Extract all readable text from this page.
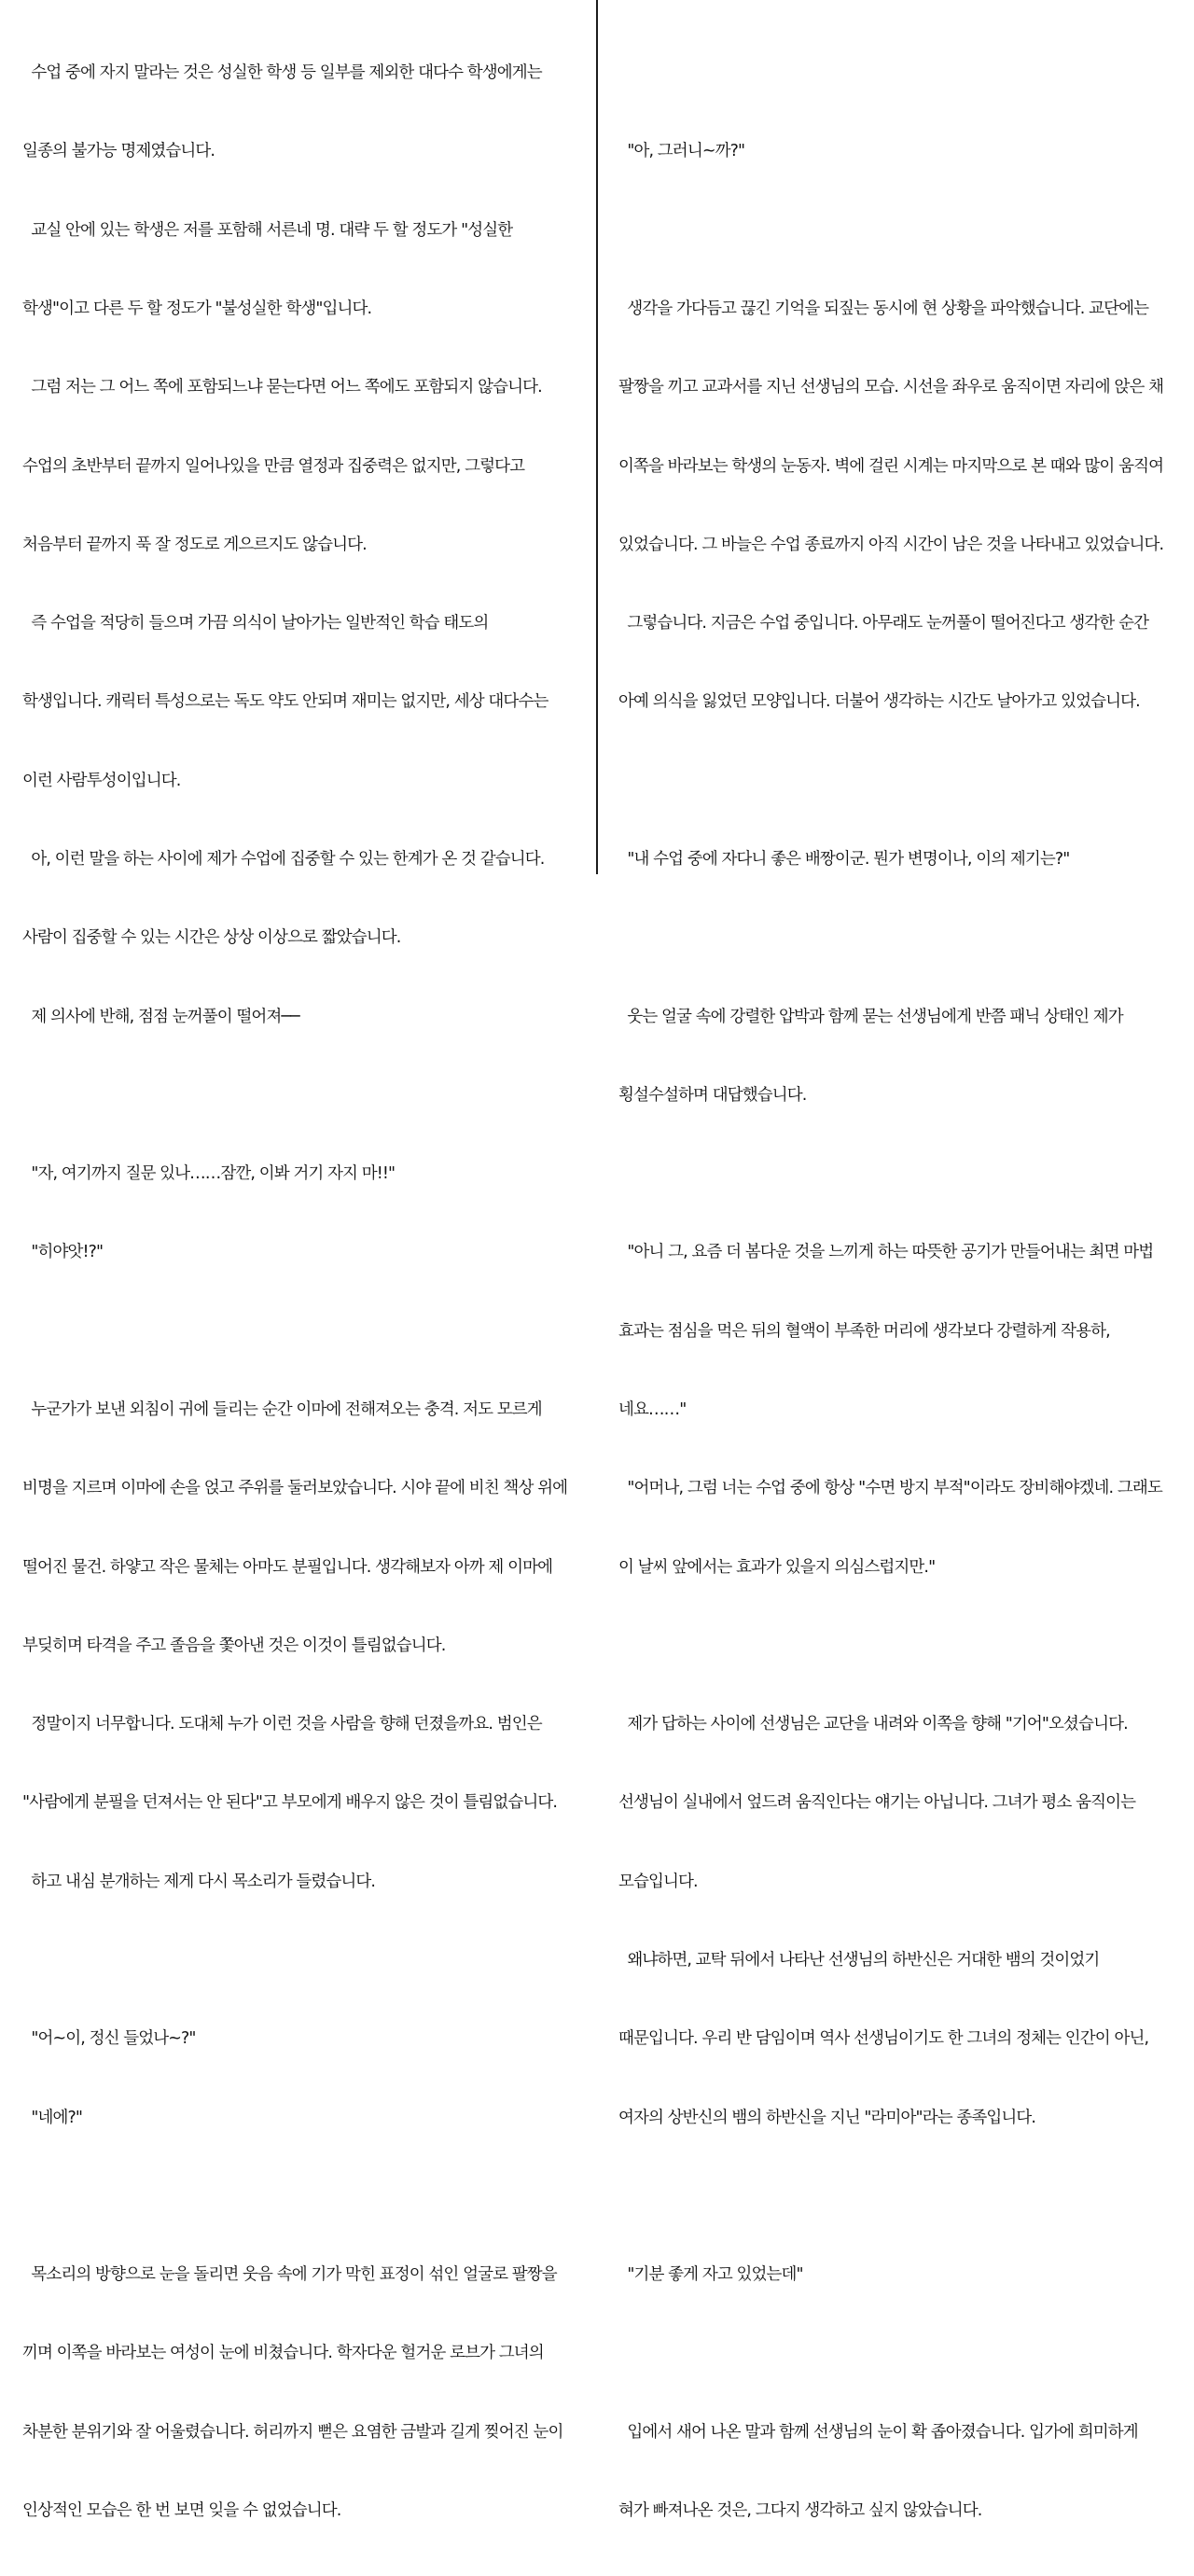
수업 중에 자지 말라는 것은 성실한 학생 등 일부를 제외한 대다수 학생에게는

일종의 불가능 명제였습니다.

교실 안에 있는 학생은 저를 포함해 서른네 명. 대략 두 할 정도가 "성실한

학생"이고 다른 두 할 정도가 "불성실한 학생"입니다.

그럼 저는 그 어느 쪽에 포함되느냐 묻는다면 어느 쪽에도 포함되지 않습니다.

수업의 초반부터 끝까지 일어나있을 만큼 열정과 집중력은 없지만, 그렇다고

처음부터 끝까지 푹 잘 정도로 게으르지도 않습니다.

즉 수업을 적당히 들으며 가끔 의식이 날아가는 일반적인 학습 태도의

학생입니다. 캐릭터 특성으로는 독도 약도 안되며 재미는 없지만, 세상 대다수는

이런 사람투성이입니다.

아, 이런 말을 하는 사이에 제가 수업에 집중할 수 있는 한계가 온 것 같습니다.

사람이 집중할 수 있는 시간은 상상 이상으로 짧았습니다.

제 의사에 반해, 점점 눈꺼풀이 떨어져──

"자, 여기까지 질문 있나……잠깐, 이봐 거기 자지 마!!"

"히야앗!?"

누군가가 보낸 외침이 귀에 들리는 순간 이마에 전해져오는 충격. 저도 모르게

비명을 지르며 이마에 손을 얹고 주위를 둘러보았습니다. 시야 끝에 비친 책상 위에

떨어진 물건. 하얗고 작은 물체는 아마도 분필입니다. 생각해보자 아까 제 이마에

부딪히며 타격을 주고 졸음을 쫓아낸 것은 이것이 틀림없습니다.

정말이지 너무합니다. 도대체 누가 이런 것을 사람을 향해 던졌을까요. 범인은

"사람에게 분필을 던져서는 안 된다"고 부모에게 배우지 않은 것이 틀림없습니다.

하고 내심 분개하는 제게 다시 목소리가 들렸습니다.

"어~이, 정신 들었나~?"

"네에?"

목소리의 방향으로 눈을 돌리면 웃음 속에 기가 막힌 표정이 섞인 얼굴로 팔짱을

끼며 이쪽을 바라보는 여성이 눈에 비쳤습니다. 학자다운 헐거운 로브가 그녀의

차분한 분위기와 잘 어울렸습니다. 허리까지 뻗은 요염한 금발과 길게 찢어진 눈이

인상적인 모습은 한 번 보면 잊을 수 없었습니다.

"아, 그러니~까?"

생각을 가다듬고 끊긴 기억을 되짚는 동시에 현 상황을 파악했습니다. 교단에는

팔짱을 끼고 교과서를 지닌 선생님의 모습. 시선을 좌우로 움직이면 자리에 앉은 채

이쪽을 바라보는 학생의 눈동자. 벽에 걸린 시계는 마지막으로 본 때와 많이 움직여

있었습니다. 그 바늘은 수업 종료까지 아직 시간이 남은 것을 나타내고 있었습니다.

그렇습니다. 지금은 수업 중입니다. 아무래도 눈꺼풀이 떨어진다고 생각한 순간

아예 의식을 잃었던 모양입니다. 더불어 생각하는 시간도 날아가고 있었습니다.

"내 수업 중에 자다니 좋은 배짱이군. 뭔가 변명이나, 이의 제기는?"

웃는 얼굴 속에 강렬한 압박과 함께 묻는 선생님에게 반쯤 패닉 상태인 제가

횡설수설하며 대답했습니다.

"아니 그, 요즘 더 봄다운 것을 느끼게 하는 따뜻한 공기가 만들어내는 최면 마법

효과는 점심을 먹은 뒤의 혈액이 부족한 머리에 생각보다 강렬하게 작용하,

네요……"

"어머나, 그럼 너는 수업 중에 항상 "수면 방지 부적"이라도 장비해야겠네. 그래도

이 날씨 앞에서는 효과가 있을지 의심스럽지만."

제가 답하는 사이에 선생님은 교단을 내려와 이쪽을 향해 "기어"오셨습니다.

선생님이 실내에서 엎드려 움직인다는 얘기는 아닙니다. 그녀가 평소 움직이는

모습입니다.

왜냐하면, 교탁 뒤에서 나타난 선생님의 하반신은 거대한 뱀의 것이었기

때문입니다. 우리 반 담임이며 역사 선생님이기도 한 그녀의 정체는 인간이 아닌,

여자의 상반신의 뱀의 하반신을 지닌 "라미아"라는 종족입니다.

"기분 좋게 자고 있었는데"

입에서 새어 나온 말과 함께 선생님의 눈이 확 좁아졌습니다. 입가에 희미하게

혀가 빠져나온 것은, 그다지 생각하고 싶지 않았습니다.
